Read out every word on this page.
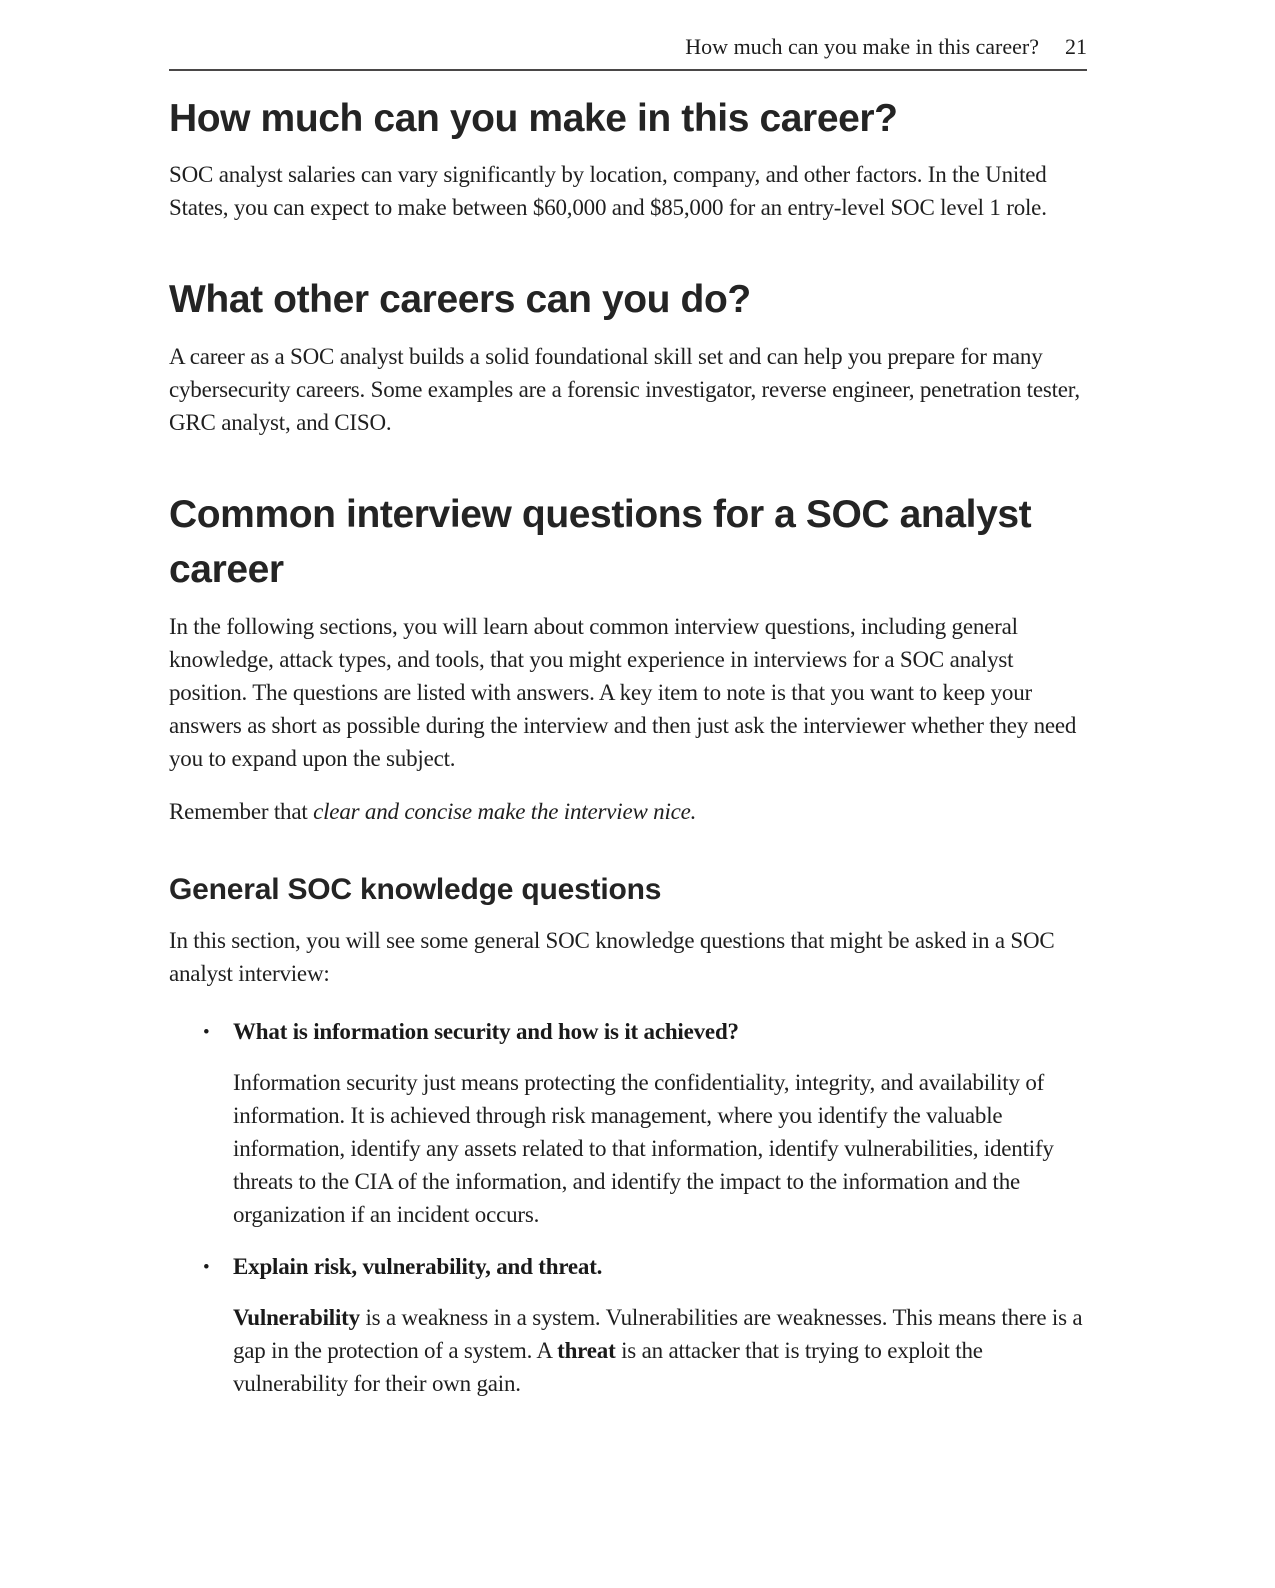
How much can you make in this career? 21
How much can you make in this career?

SOC analyst salaries can vary significantly by location, company, and other factors. In the United States, you can expect to make between $60,000 and $85,000 for an entry-level SOC level 1 role.

What other careers can you do?

A career as a SOC analyst builds a solid foundational skill set and can help you prepare for many cybersecurity careers. Some examples are a forensic investigator, reverse engineer, penetration tester, GRC analyst, and CISO.

Common interview questions for a SOC analyst career

In the following sections, you will learn about common interview questions, including general knowledge, attack types, and tools, that you might experience in interviews for a SOC analyst position. The questions are listed with answers. A key item to note is that you want to keep your answers as short as possible during the interview and then just ask the interviewer whether they need you to expand upon the subject.

Remember that clear and concise make the interview nice.

General SOC knowledge questions

In this section, you will see some general SOC knowledge questions that might be asked in a SOC analyst interview:

• What is information security and how is it achieved?

Information security just means protecting the confidentiality, integrity, and availability of information. It is achieved through risk management, where you identify the valuable information, identify any assets related to that information, identify vulnerabilities, identify threats to the CIA of the information, and identify the impact to the information and the organization if an incident occurs.

• Explain risk, vulnerability, and threat.

Vulnerability is a weakness in a system. Vulnerabilities are weaknesses. This means there is a gap in the protection of a system. A threat is an attacker that is trying to exploit the vulnerability for their own gain.
